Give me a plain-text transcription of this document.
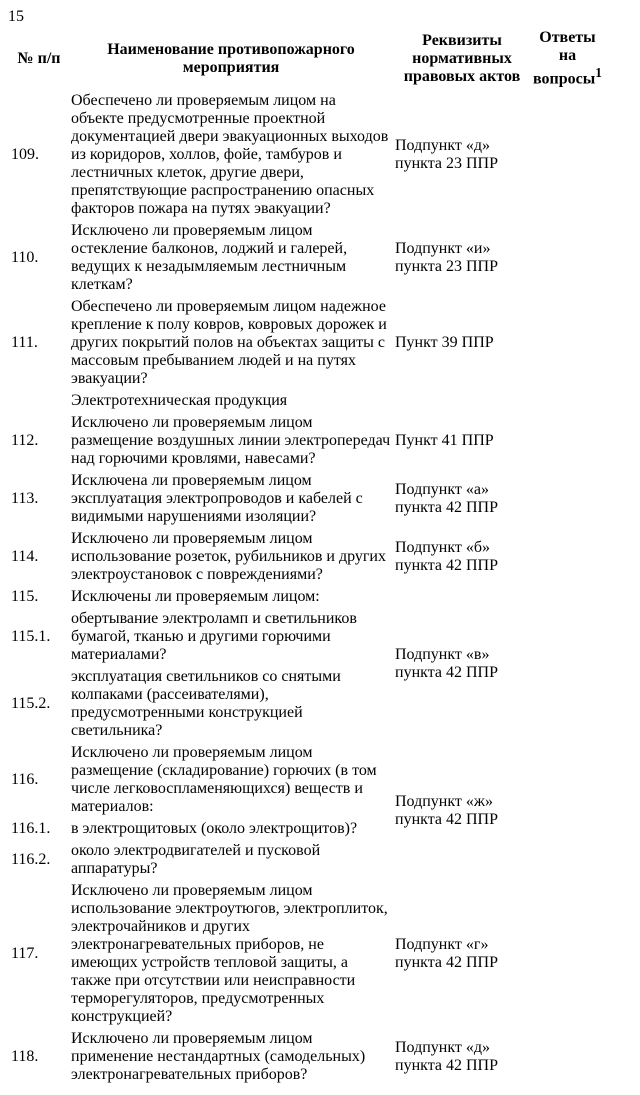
15
№ п/п	Наименование противопожарного мероприятия	Реквизиты нормативных правовых актов	Ответы на вопросы$^1$
109.	Обеспечено ли проверяемым лицом на объекте предусмотренные проектной документацией двери эвакуационных выходов из коридоров, холлов, фойе, тамбуров и лестничных клеток, другие двери, препятствующие распространению опасных факторов пожара на путях эвакуации?	Подпункт «д» пункта 23 ППР	
110.	Исключено ли проверяемым лицом остекление балконов, лоджий и галерей, ведущих к незадымляемым лестничным клеткам?	Подпункт «и» пункта 23 ППР	
111.	Обеспечено ли проверяемым лицом надежное крепление к полу ковров, ковровых дорожек и других покрытий полов на объектах защиты с массовым пребыванием людей и на путях эвакуации?	Пункт 39 ППР	
	Электротехническая продукция		
112.	Исключено ли проверяемым лицом размещение воздушных линии электропередач над горючими кровлями, навесами?	Пункт 41 ППР	
113.	Исключена ли проверяемым лицом эксплуатация электропроводов и кабелей с видимыми нарушениями изоляции?	Подпункт «а» пункта 42 ППР	
114.	Исключено ли проверяемым лицом использование розеток, рубильников и других электроустановок с повреждениями?	Подпункт «б» пункта 42 ППР	
115.	Исключены ли проверяемым лицом:	Подпункт «в» пункта 42 ППР	
115.1.	обертывание электроламп и светильников бумагой, тканью и другими горючими материалами?		
115.2.	эксплуатация светильников со снятыми колпаками (рассеивателями), предусмотренными конструкцией светильника?		
116.	Исключено ли проверяемым лицом размещение (складирование) горючих (в том числе легковоспламеняющихся) веществ и материалов:	Подпункт «ж» пункта 42 ППР	
116.1.	в электрощитовых (около электрощитов)?		
116.2.	около электродвигателей и пусковой аппаратуры?		
117.	Исключено ли проверяемым лицом использование электроутюгов, электроплиток, электрочайников и других электронагревательных приборов, не имеющих устройств тепловой защиты, а также при отсутствии или неисправности терморегуляторов, предусмотренных конструкцией?	Подпункт «г» пункта 42 ППР	
118.	Исключено ли проверяемым лицом применение нестандартных (самодельных) электронагревательных приборов?	Подпункт «д» пункта 42 ППР	
